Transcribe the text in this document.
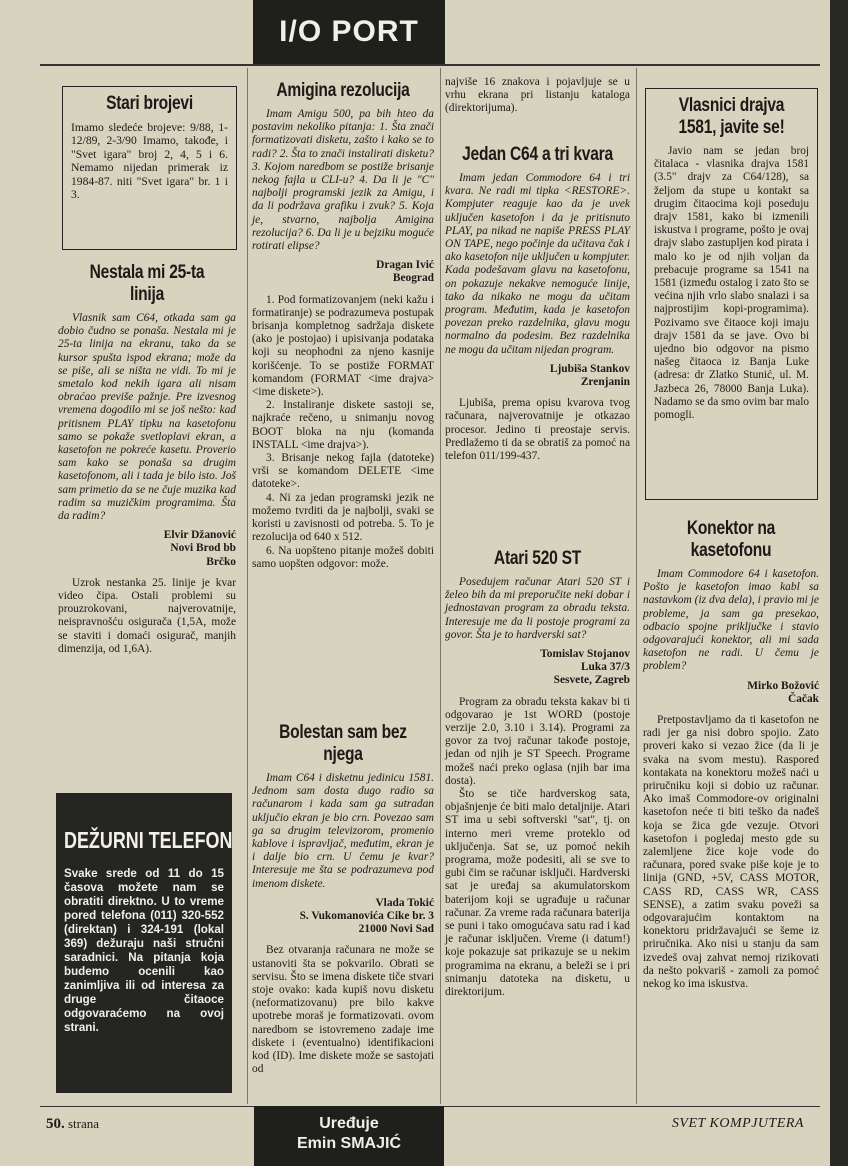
I/O PORT
Stari brojevi
Imamo sledeće brojeve: 9/88, 1-12/89, 2-3/90 Imamo, takođe, i "Svet igara" broj 2, 4, 5 i 6. Nemamo nijedan primerak iz 1984-87. niti "Svet igara" br. 1 i 3.
Nestala mi 25-ta linija

Vlasnik sam C64, otkada sam ga dobio čudno se ponaša. Nestala mi je 25-ta linija na ekranu, tako da se kursor spušta ispod ekrana; može da se piše, ali se ništa ne vidi. To mi je smetalo kod nekih igara ali nisam obraćao previše pažnje. Pre izvesnog vremena dogodilo mi se još nešto: kad pritisnem PLAY tipku na kasetofonu samo se pokaže svetloplavi ekran, a kasetofon ne pokreće kasetu. Proverio sam kako se ponaša sa drugim kasetofonom, ali i tada je bilo isto. Još sam primetio da se ne čuje muzika kad radim sa muzičkim programima. Šta da radim?

Elvir Džanović
Novi Brod bb
Brčko

Uzrok nestanka 25. linije je kvar video čipa. Ostali problemi su prouzrokovani, najverovatnije, neispravnošću osigurača (1,5A, može se staviti i domaći osigurač, manjih dimenzija, od 1,6A).

DEŽURNI TELEFON
Svake srede od 11 do 15 časova možete nam se obratiti direktno. U to vreme pored telefona (011) 320-552 (direktan) i 324-191 (lokal 369) dežuraju naši stručni saradnici. Na pitanja koja budemo ocenili kao zanimljiva ili od interesa za druge čitaoce odgovaraćemo na ovoj strani.
Amigina rezolucija

Imam Amigu 500, pa bih hteo da postavim nekoliko pitanja: 1. Šta znači formatizovati disketu, zašto i kako se to radi? 2. Šta to znači instalirati disketu? 3. Kojom naredbom se postiže brisanje nekog fajla u CLI-u? 4. Da li je "C" najbolji programski jezik za Amigu, i da li podržava grafiku i zvuk? 5. Koja je, stvarno, najbolja Amigina rezolucija? 6. Da li je u bejziku moguće rotirati elipse?

Dragan Ivić
Beograd

1. Pod formatizovanjem (neki kažu i formatiranje) se podrazumeva postupak brisanja kompletnog sadržaja diskete (ako je postojao) i upisivanja podataka koji su neophodni za njeno kasnije korišćenje. To se postiže FORMAT komandom (FORMAT <ime drajva> <ime diskete>).

2. Instaliranje diskete sastoji se, najkraće rečeno, u snimanju novog BOOT bloka na nju (komanda INSTALL <ime drajva>).

3. Brisanje nekog fajla (datoteke) vrši se komandom DELETE <ime datoteke>.

4. Ni za jedan programski jezik ne možemo tvrditi da je najbolji, svaki se koristi u zavisnosti od potreba. 5. To je rezolucija od 640 x 512.

6. Na uopšteno pitanje možeš dobiti samo uopšten odgovor: može.

Bolestan sam bez njega

Imam C64 i disketnu jedinicu 1581. Jednom sam dosta dugo radio sa računarom i kada sam ga sutradan uključio ekran je bio crn. Povezao sam ga sa drugim televizorom, promenio kablove i ispravljač, međutim, ekran je i dalje bio crn. U čemu je kvar? Interesuje me šta se podrazumeva pod imenom diskete.

Vlada Tokić
S. Vukomanovića Cike br. 3
21000 Novi Sad

Bez otvaranja računara ne može se ustanoviti šta se pokvarilo. Obrati se servisu. Što se imena diskete tiče stvari stoje ovako: kada kupiš novu disketu (neformatizovanu) pre bilo kakve upotrebe moraš je formatizovati. ovom naredbom se istovremeno zadaje ime diskete i (eventualno) identifikacioni kod (ID). Ime diskete može se sastojati od

najviše 16 znakova i pojavljuje se u vrhu ekrana pri listanju kataloga (direktorijuma).

Jedan C64 a tri kvara

Imam jedan Commodore 64 i tri kvara. Ne radi mi tipka <RESTORE>. Kompjuter reaguje kao da je uvek uključen kasetofon i da je pritisnuto PLAY, pa nikad ne napiše PRESS PLAY ON TAPE, nego počinje da učitava čak i ako kasetofon nije uključen u kompjuter. Kada podešavam glavu na kasetofonu, on pokazuje nekakve nemoguće linije, tako da nikako ne mogu da učitam program. Međutim, kada je kasetofon povezan preko razdelnika, glavu mogu normalno da podesim. Bez razdelnika ne mogu da učitam nijedan program.

Ljubiša Stankov
Zrenjanin

Ljubiša, prema opisu kvarova tvog računara, najverovatnije je otkazao procesor. Jedino ti preostaje servis. Predlažemo ti da se obratiš za pomoć na telefon 011/199-437.

Atari 520 ST

Posedujem računar Atari 520 ST i želeo bih da mi preporučite neki dobar i jednostavan program za obradu teksta. Interesuje me da li postoje programi za govor. Šta je to hardverski sat?

Tomislav Stojanov
Luka 37/3
Sesvete, Zagreb

Program za obradu teksta kakav bi ti odgovarao je 1st WORD (postoje verzije 2.0, 3.10 i 3.14). Programi za govor za tvoj računar takođe postoje, jedan od njih je ST Speech. Programe možeš naći preko oglasa (njih bar ima dosta).

Što se tiče hardverskog sata, objašnjenje će biti malo detaljnije. Atari ST ima u sebi softverski "sat", tj. on interno meri vreme proteklo od uključenja. Sat se, uz pomoć nekih programa, može podesiti, ali se sve to gubi čim se računar isključi. Hardverski sat je uređaj sa akumulatorskom baterijom koji se ugrađuje u računar računar. Za vreme rada računara baterija se puni i tako omogućava satu rad i kad je računar isključen. Vreme (i datum!) koje pokazuje sat prikazuje se u nekim programima na ekranu, a beleži se i pri snimanju datoteka na disketu, u direktorijum.

Vlasnici drajva 1581, javite se!
Javio nam se jedan broj čitalaca - vlasnika drajva 1581 (3.5" drajv za C64/128), sa željom da stupe u kontakt sa drugim čitaocima koji poseduju drajv 1581, kako bi izmenili iskustva i programe, pošto je ovaj drajv slabo zastupljen kod pirata i malo ko je od njih voljan da prebacuje programe sa 1541 na 1581 (između ostalog i zato što se većina njih vrlo slabo snalazi i sa najprostijim kopi-programima). Pozivamo sve čitaoce koji imaju drajv 1581 da se jave. Ovo bi ujedno bio odgovor na pismo našeg čitaoca iz Banja Luke (adresa: dr Zlatko Stunić, ul. M. Jazbeca 26, 78000 Banja Luka). Nadamo se da smo ovim bar malo pomogli.
Konektor na kasetofonu

Imam Commodore 64 i kasetofon. Pošto je kasetofon imao kabl sa nastavkom (iz dva dela), i pravio mi je probleme, ja sam ga presekao, odbacio spojne priključke i stavio odgovarajući konektor, ali mi sada kasetofon ne radi. U čemu je problem?

Mirko Božović
Čačak

Pretpostavljamo da ti kasetofon ne radi jer ga nisi dobro spojio. Zato proveri kako si vezao žice (da li je svaka na svom mestu). Raspored kontakata na konektoru možeš naći u priručniku koji si dobio uz računar. Ako imaš Commodore-ov originalni kasetofon neće ti biti teško da nađeš koja se žica gde vezuje. Otvori kasetofon i pogledaj mesto gde su zalemljene žice koje vode do računara, pored svake piše koje je to linija (GND, +5V, CASS MOTOR, CASS RD, CASS WR, CASS SENSE), a zatim svaku poveži sa odgovarajućim kontaktom na konektoru pridržavajući se šeme iz priručnika. Ako nisi u stanju da sam izvedeš ovaj zahvat nemoj rizikovati da nešto pokvariš - zamoli za pomoć nekog ko ima iskustva.

50. strana	Uređuje
Emin SMAJIĆ
SVET KOMPJUTERA
